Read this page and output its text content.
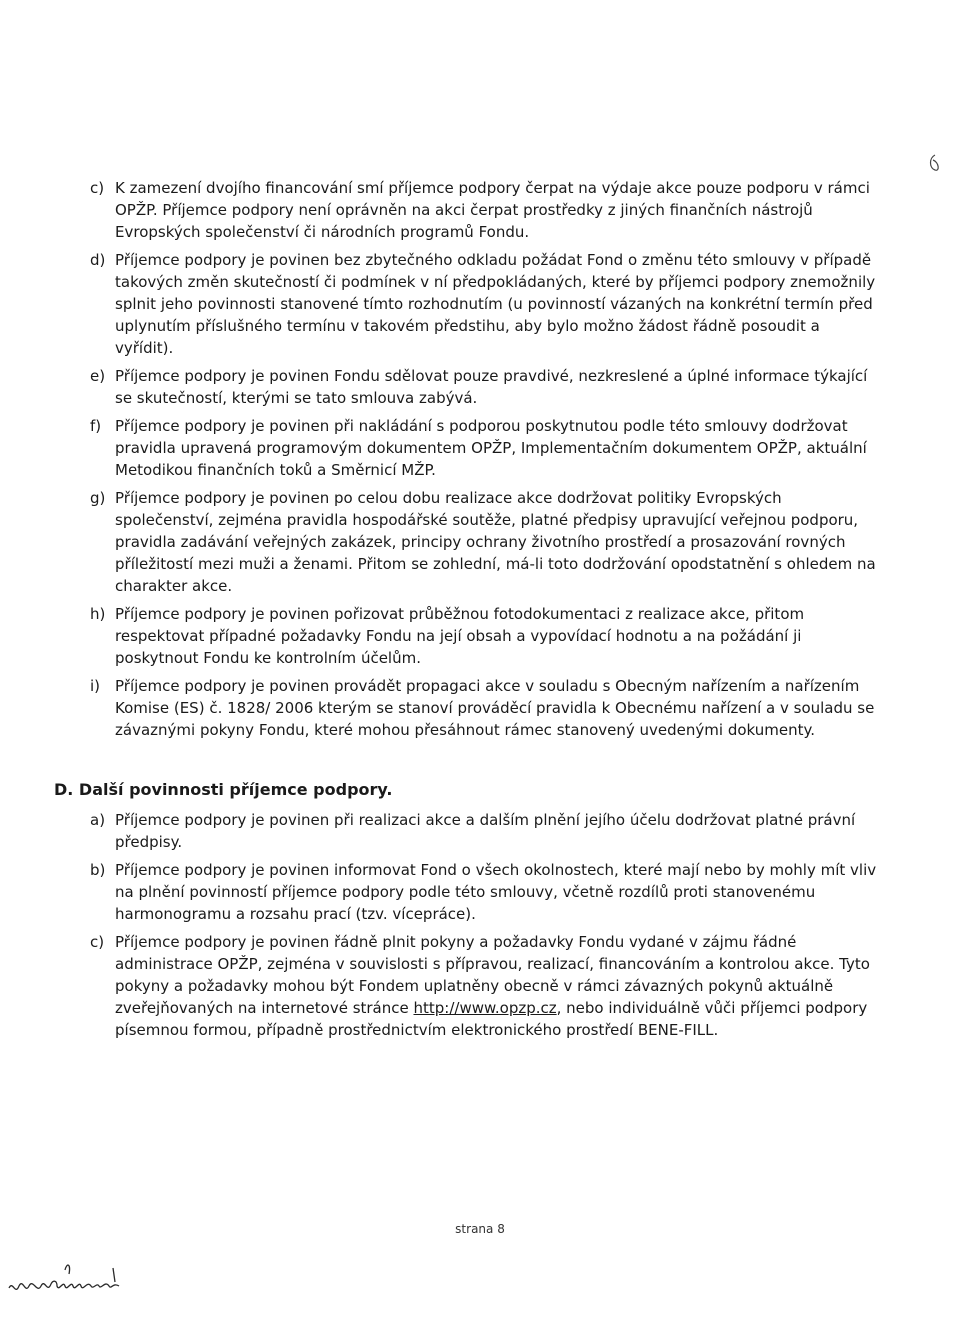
c) K zamezení dvojího financování smí příjemce podpory čerpat na výdaje akce pouze podporu v rámci OPŽP. Příjemce podpory není oprávněn na akci čerpat prostředky z jiných finančních nástrojů Evropských společenství či národních programů Fondu.
d) Příjemce podpory je povinen bez zbytečného odkladu požádat Fond o změnu této smlouvy v případě takových změn skutečností či podmínek v ní předpokládaných, které by příjemci podpory znemožnily splnit jeho povinnosti stanovené tímto rozhodnutím (u povinností vázaných na konkrétní termín před uplynutím příslušného termínu v takovém předstihu, aby bylo možno žádost řádně posoudit a vyřídit).
e) Příjemce podpory je povinen Fondu sdělovat pouze pravdivé, nezkreslené a úplné informace týkající se skutečností, kterými se tato smlouva zabývá.
f) Příjemce podpory je povinen při nakládání s podporou poskytnutou podle této smlouvy dodržovat pravidla upravená programovým dokumentem OPŽP, Implementačním dokumentem OPŽP, aktuální Metodikou finančních toků a Směrnicí MŽP.
g) Příjemce podpory je povinen po celou dobu realizace akce dodržovat politiky Evropských společenství, zejména pravidla hospodářské soutěže, platné předpisy upravující veřejnou podporu, pravidla zadávání veřejných zakázek, principy ochrany životního prostředí a prosazování rovných příležitostí mezi muži a ženami. Přitom se zohlední, má-li toto dodržování opodstatnění s ohledem na charakter akce.
h) Příjemce podpory je povinen pořizovat průběžnou fotodokumentaci z realizace akce, přitom respektovat případné požadavky Fondu na její obsah a vypovídací hodnotu a na požádání ji poskytnout Fondu ke kontrolním účelům.
i) Příjemce podpory je povinen provádět propagaci akce v souladu s Obecným nařízením a nařízením Komise (ES) č. 1828/ 2006 kterým se stanoví prováděcí pravidla k Obecnému nařízení a v souladu se závaznými pokyny Fondu, které mohou přesáhnout rámec stanovený uvedenými dokumenty.
D. Další povinnosti příjemce podpory.
a) Příjemce podpory je povinen při realizaci akce a dalším plnění jejího účelu dodržovat platné právní předpisy.
b) Příjemce podpory je povinen informovat Fond o všech okolnostech, které mají nebo by mohly mít vliv na plnění povinností příjemce podpory podle této smlouvy, včetně rozdílů proti stanovenému harmonogramu a rozsahu prací (tzv. vícepráce).
c) Příjemce podpory je povinen řádně plnit pokyny a požadavky Fondu vydané v zájmu řádné administrace OPŽP, zejména v souvislosti s přípravou, realizací, financováním a kontrolou akce. Tyto pokyny a požadavky mohou být Fondem uplatněny obecně v rámci závazných pokynů aktuálně zveřejňovaných na internetové stránce http://www.opzp.cz, nebo individuálně vůči příjemci podpory písemnou formou, případně prostřednictvím elektronického prostředí BENE-FILL.
strana 8
